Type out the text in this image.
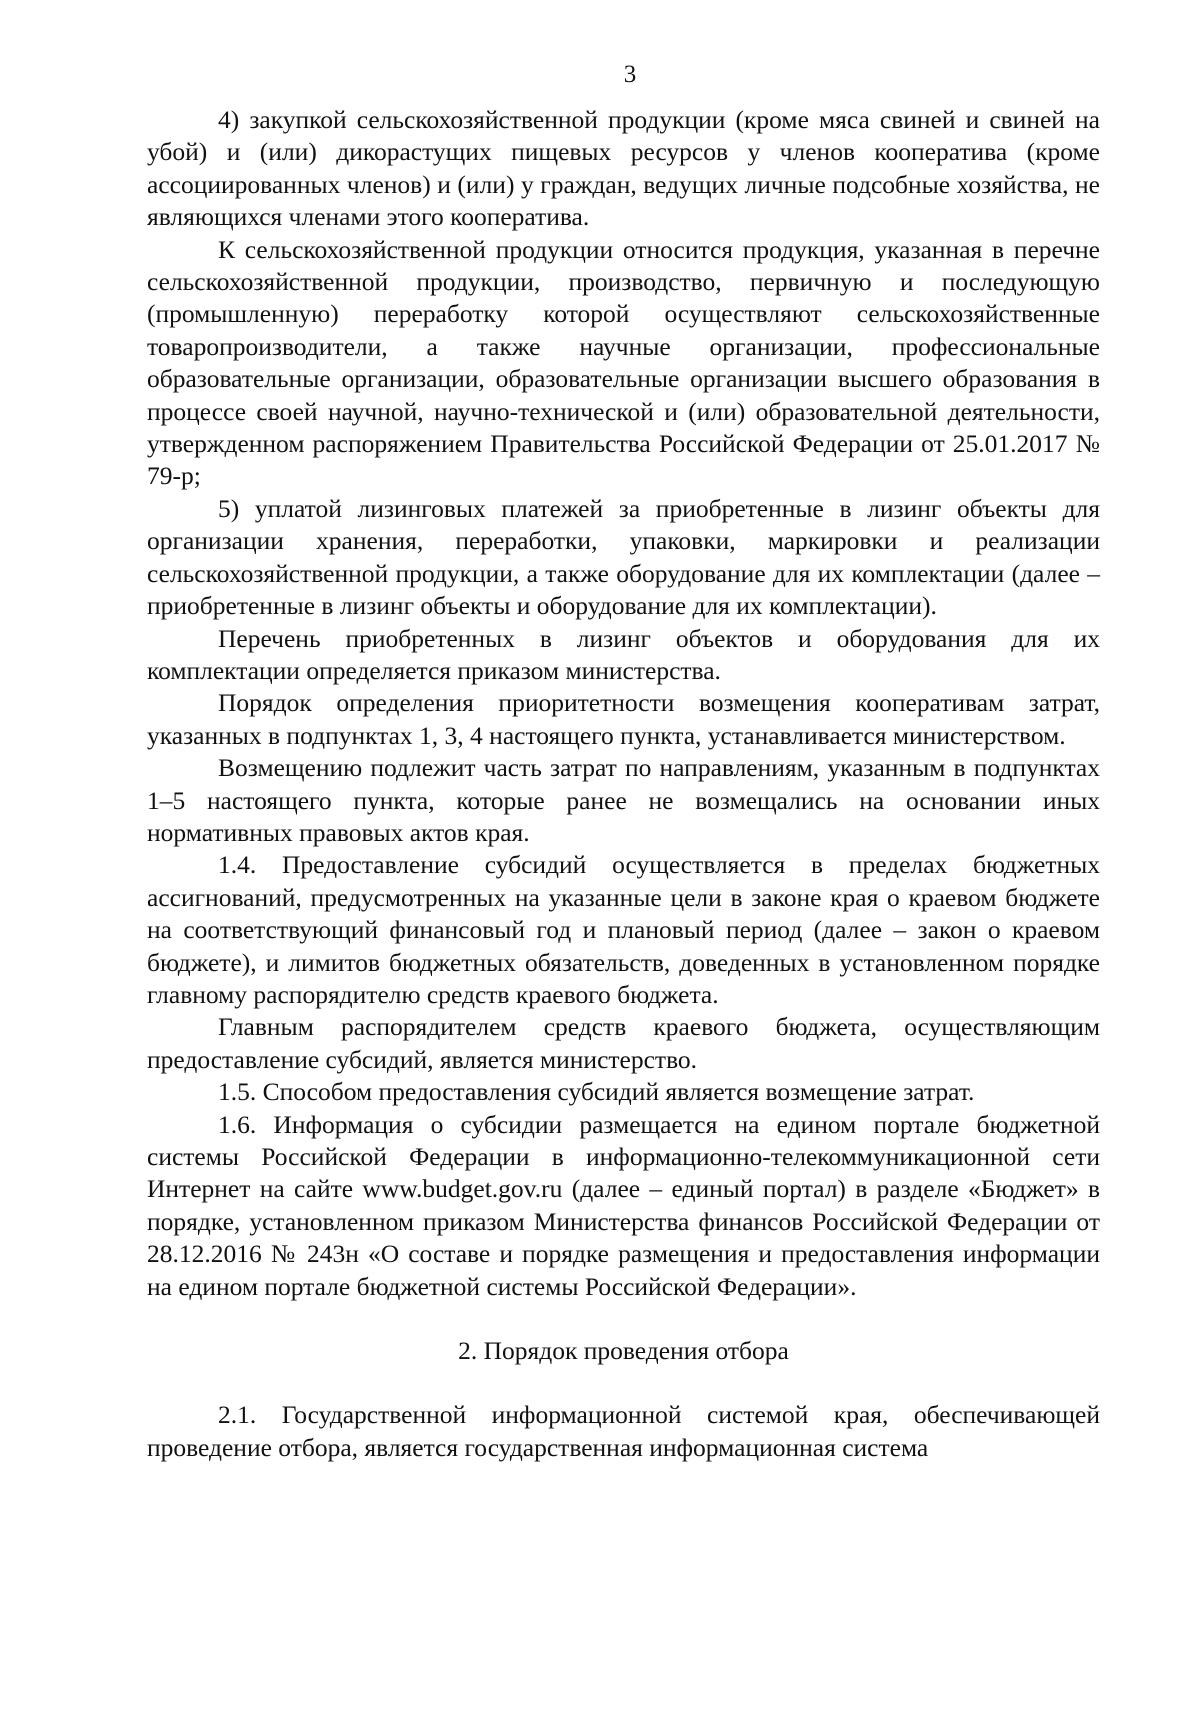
3

4) закупкой сельскохозяйственной продукции (кроме мяса свиней и свиней на убой) и (или) дикорастущих пищевых ресурсов у членов кооператива (кроме ассоциированных членов) и (или) у граждан, ведущих личные подсобные хозяйства, не являющихся членами этого кооператива.

К сельскохозяйственной продукции относится продукция, указанная в перечне сельскохозяйственной продукции, производство, первичную и последующую (промышленную) переработку которой осуществляют сельскохозяйственные товаропроизводители, а также научные организации, профессиональные образовательные организации, образовательные организации высшего образования в процессе своей научной, научно-технической и (или) образовательной деятельности, утвержденном распоряжением Правительства Российской Федерации от 25.01.2017 № 79-р;

5) уплатой лизинговых платежей за приобретенные в лизинг объекты для организации хранения, переработки, упаковки, маркировки и реализации сельскохозяйственной продукции, а также оборудование для их комплектации (далее – приобретенные в лизинг объекты и оборудование для их комплектации).

Перечень приобретенных в лизинг объектов и оборудования для их комплектации определяется приказом министерства.

Порядок определения приоритетности возмещения кооперативам затрат, указанных в подпунктах 1, 3, 4 настоящего пункта, устанавливается министерством.

Возмещению подлежит часть затрат по направлениям, указанным в подпунктах 1–5 настоящего пункта, которые ранее не возмещались на основании иных нормативных правовых актов края.

1.4. Предоставление субсидий осуществляется в пределах бюджетных ассигнований, предусмотренных на указанные цели в законе края о краевом бюджете на соответствующий финансовый год и плановый период (далее – закон о краевом бюджете), и лимитов бюджетных обязательств, доведенных в установленном порядке главному распорядителю средств краевого бюджета.

Главным распорядителем средств краевого бюджета, осуществляющим предоставление субсидий, является министерство.

1.5. Способом предоставления субсидий является возмещение затрат.

1.6. Информация о субсидии размещается на едином портале бюджетной системы Российской Федерации в информационно-телекоммуникационной сети Интернет на сайте www.budget.gov.ru (далее – единый портал) в разделе «Бюджет» в порядке, установленном приказом Министерства финансов Российской Федерации от 28.12.2016 № 243н «О составе и порядке размещения и предоставления информации на едином портале бюджетной системы Российской Федерации».

2. Порядок проведения отбора

2.1. Государственной информационной системой края, обеспечивающей проведение отбора, является государственная информационная система
